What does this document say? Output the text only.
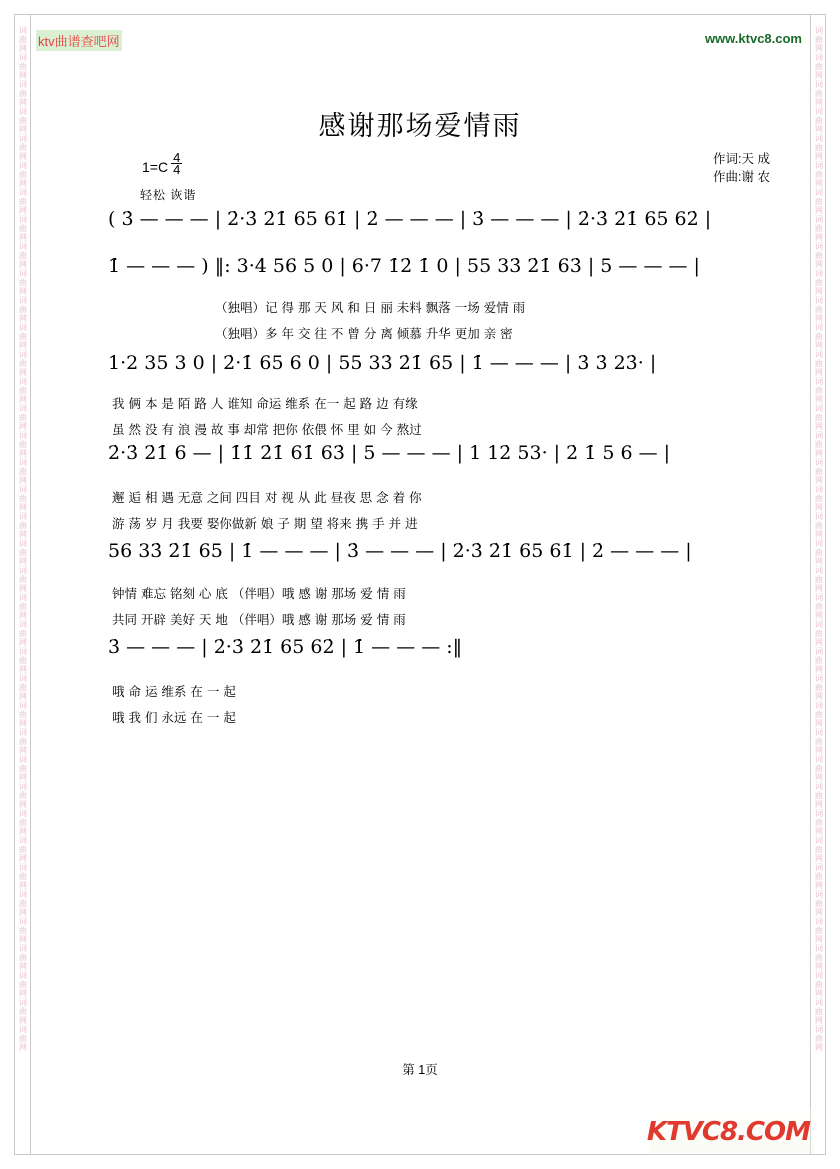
词曲网词曲网词曲网词曲网词曲网词曲网词曲网词曲网词曲网词曲网词曲网词曲网词曲网词曲网词曲网词曲网词曲网词曲网词曲网词曲网词曲网词曲网词曲网词曲网词曲网词曲网词曲网词曲网词曲网词曲网词曲网词曲网词曲网词曲网词曲网词曲网词曲网词曲网
词曲网词曲网词曲网词曲网词曲网词曲网词曲网词曲网词曲网词曲网词曲网词曲网词曲网词曲网词曲网词曲网词曲网词曲网词曲网词曲网词曲网词曲网词曲网词曲网词曲网词曲网词曲网词曲网词曲网词曲网词曲网词曲网词曲网词曲网词曲网词曲网词曲网词曲网
ktv曲谱查吧网	www.ktvc8.com
感谢那场爱情雨
作词:天 成
作曲:谢 农
$1=C \frac{4}{4}$
轻松 诙谐
( 3̇ — — — | 2̇·3̇ 2̇1̇ 65 61̇ | 2̇ — — — | 3̇ — — — | 2̇·3̇ 2̇1̇ 65 62̇ |
1̇ — — — ) ‖: 3·4 56 5 0 | 6·7 1̇2̇ 1̇ 0 | 55 33̇ 2̇1̇ 63̇ | 5 — — — |
（独唱）记 得 那 天 风 和 日 丽 未料 飘落 一场 爱情 雨
（独唱）多 年 交 往 不 曾 分 离 倾慕 升华 更加 亲 密
1·2 35 3 0 | 2̇·1̇ 65 6 0 | 55 33̇ 2̇1̇ 65 | 1̇ — — — | 3̇ 3̇ 23̇· |
我 俩 本 是 陌 路 人 谁知 命运 维系 在一 起 路 边 有缘
虽 然 没 有 浪 漫 故 事 却常 把你 依偎 怀 里 如 今 熬过
2̇·3̇ 2̇1̇ 6 — | 1̇1̇ 2̇1̇ 61̇ 63̇ | 5 — — — | 1 12̇ 53· | 2̇ 1̇ 5 6 — |
邂 逅 相 遇 无意 之间 四目 对 视 从 此 昼夜 思 念 着 你
游 荡 岁 月 我要 娶你做新 娘 子 期 望 将来 携 手 并 进
56 33̇ 2̇1̇ 65 | 1̇ — — — | 3̇ — — — | 2̇·3̇ 2̇1̇ 65 61̇ | 2̇ — — — |
钟情 难忘 铭刻 心 底 （伴唱）哦 感 谢 那场 爱 情 雨
共同 开辟 美好 天 地 （伴唱）哦 感 谢 那场 爱 情 雨
3̇ — — — | 2̇·3̇ 2̇1̇ 65 62̇ | 1̇ — — — :‖
哦 命 运 维系 在 一 起
哦 我 们 永远 在 一 起
第 1页
KTVC8.COM
